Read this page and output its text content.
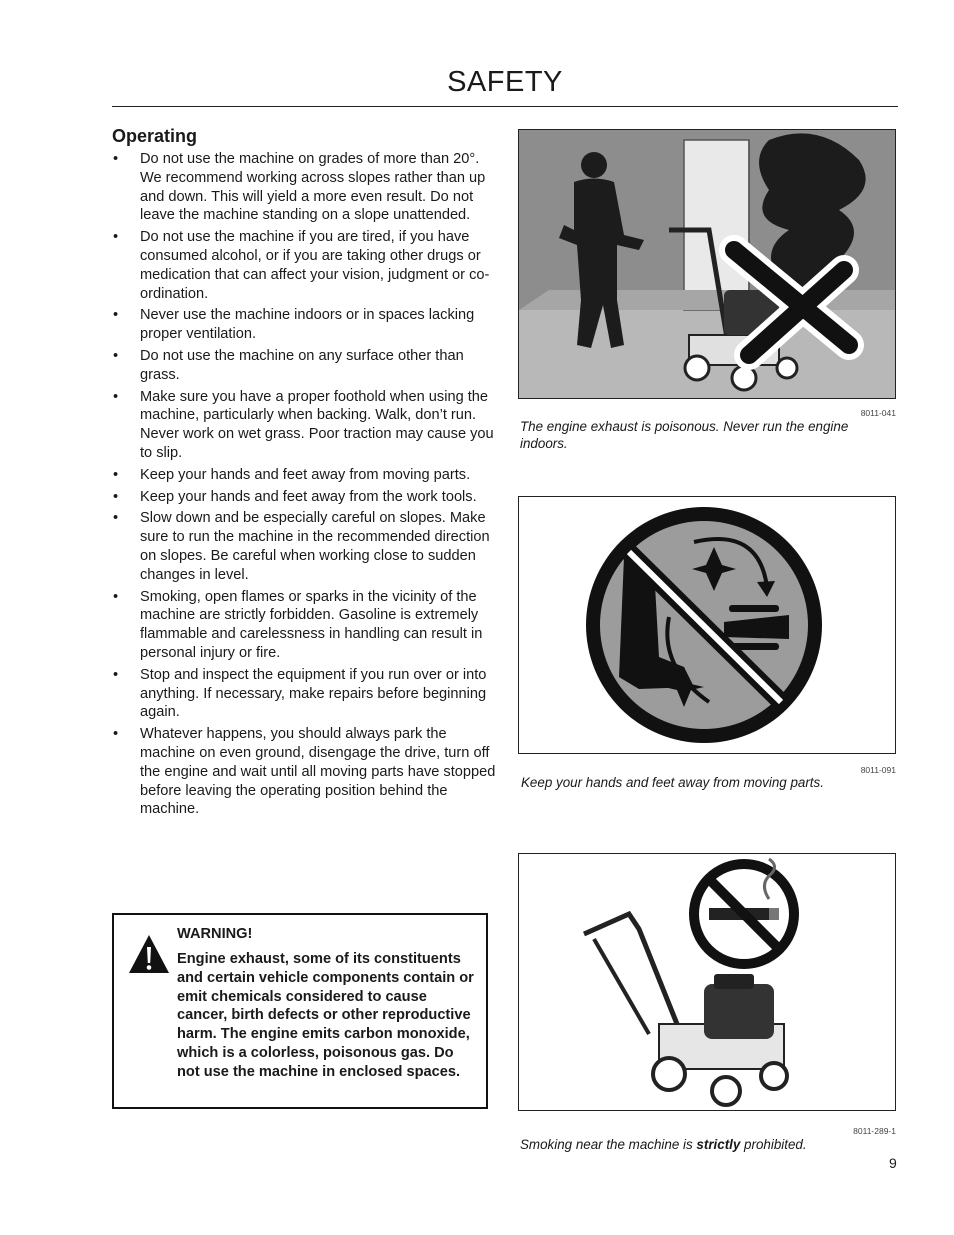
SAFETY
Operating
• Do not use the machine on grades of more than 20°. We recommend working across slopes rather than up and down. This will yield a more even result. Do not leave the machine standing on a slope unattended.
• Do not use the machine if you are tired, if you have consumed alcohol, or if you are taking other drugs or medication that can affect your vision, judgment or co-ordination.
• Never use the machine indoors or in spaces lacking proper ventilation.
• Do not use the machine on any surface other than grass.
• Make sure you have a proper foothold when using the machine, particularly when backing. Walk, don’t run. Never work on wet grass. Poor traction may cause you to slip.
• Keep your hands and feet away from moving parts.
• Keep your hands and feet away from the work tools.
• Slow down and be especially careful on slopes. Make sure to run the machine in the recommended direction on slopes. Be careful when working close to sudden changes in level.
• Smoking, open flames or sparks in the vicinity of the machine are strictly forbidden. Gasoline is extremely flammable and carelessness in handling can result in personal injury or fire.
• Stop and inspect the equipment if you run over or into anything. If necessary, make repairs before beginning again.
• Whatever happens, you should always park the machine on even ground, disengage the drive, turn off the engine and wait until all moving parts have stopped before leaving the operating position behind the machine.
WARNING!
Engine exhaust, some of its constituents and certain vehicle components contain or emit chemicals considered to cause cancer, birth defects or other reproductive harm. The engine emits carbon monoxide, which is a colorless, poisonous gas. Do not use the machine in enclosed spaces.
8011-041
The engine exhaust is poisonous. Never run the engine indoors.
8011-091
Keep your hands and feet away from moving parts.
8011-289-1
Smoking near the machine is strictly prohibited.
9
